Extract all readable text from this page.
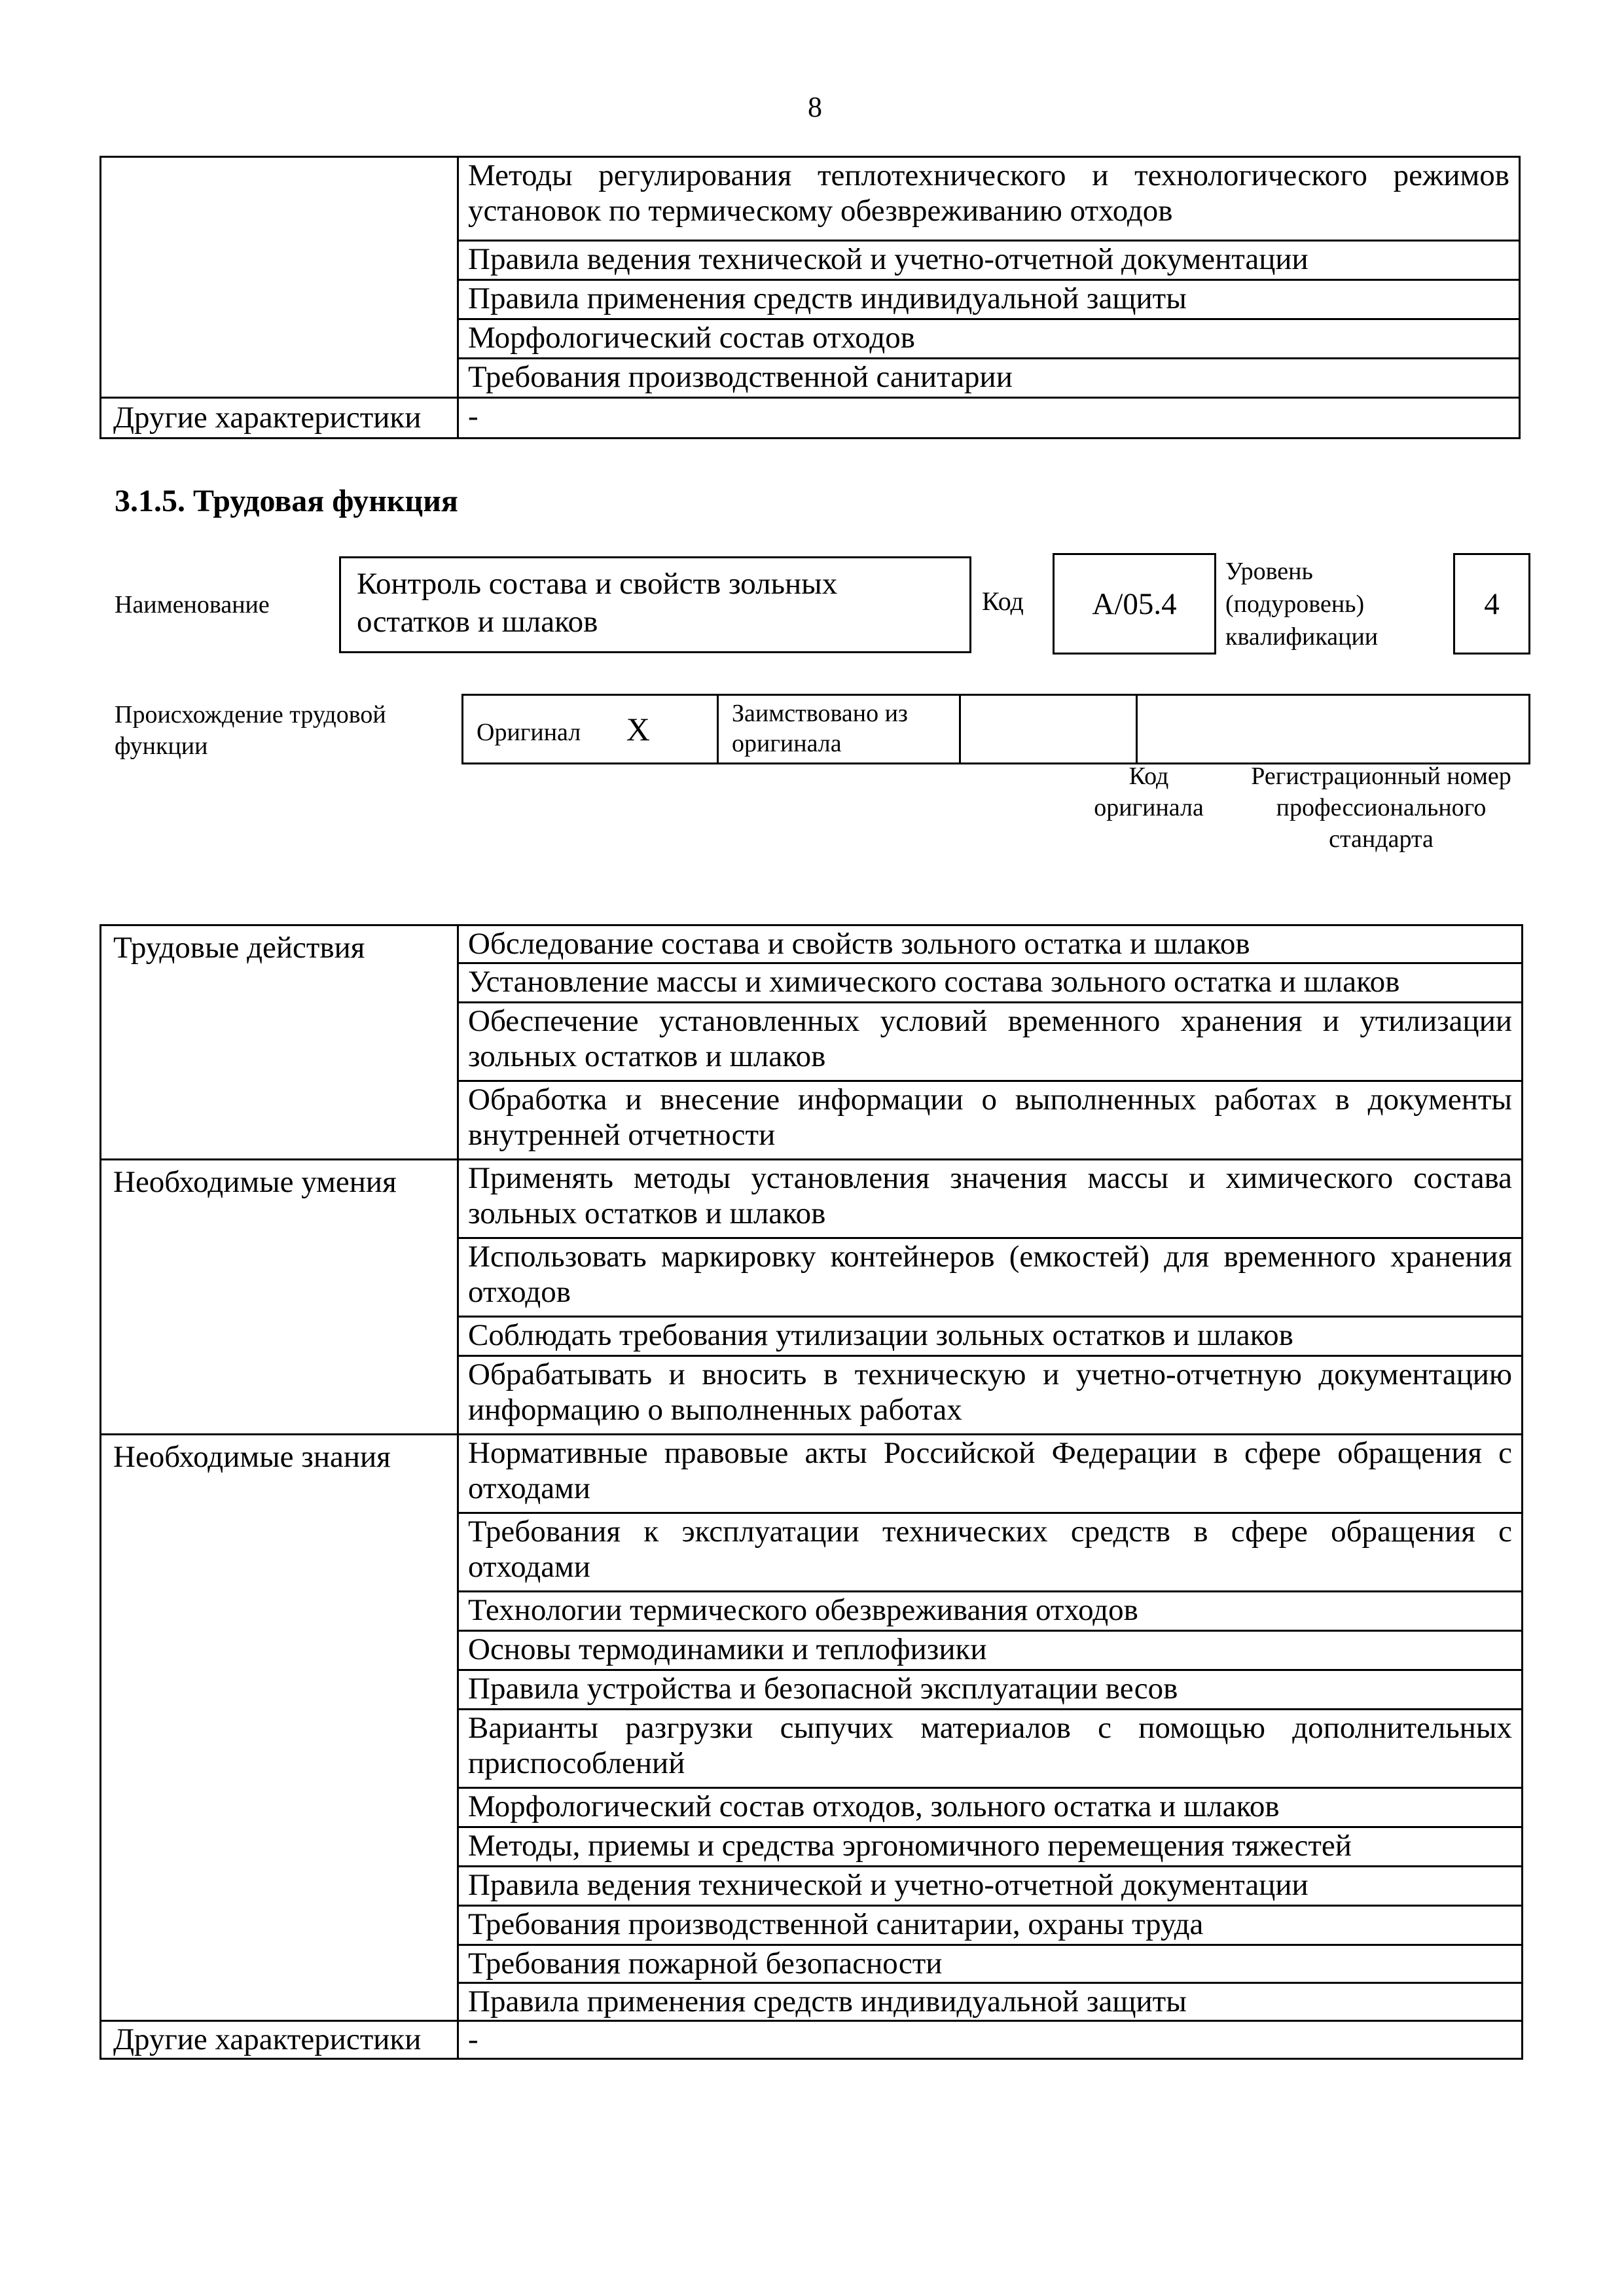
8
	Методы регулирования теплотехнического и технологического режимов установок по термическому обезвреживанию отходов
	Правила ведения технической и учетно-отчетной документации
	Правила применения средств индивидуальной защиты
	Морфологический состав отходов
	Требования производственной санитарии
Другие характеристики	-
3.1.5. Трудовая функция
Наименование
Контроль состава и свойств зольных остатков и шлаков
Код А/05.4
Уровень (подуровень) квалификации
4
Происхождение трудовой функции	Оригинал X	Заимствовано из оригинала		
Код оригинала
Регистрационный номер профессионального стандарта
Трудовые действия	Обследование состава и свойств зольного остатка и шлаков
	Установление массы и химического состава зольного остатка и шлаков
	Обеспечение установленных условий временного хранения и утилизации зольных остатков и шлаков
	Обработка и внесение информации о выполненных работах в документы внутренней отчетности
Необходимые умения	Применять методы установления значения массы и химического состава зольных остатков и шлаков
	Использовать маркировку контейнеров (емкостей) для временного хранения отходов
	Соблюдать требования утилизации зольных остатков и шлаков
	Обрабатывать и вносить в техническую и учетно-отчетную документацию информацию о выполненных работах
Необходимые знания	Нормативные правовые акты Российской Федерации в сфере обращения с отходами
	Требования к эксплуатации технических средств в сфере обращения с отходами
	Технологии термического обезвреживания отходов
	Основы термодинамики и теплофизики
	Правила устройства и безопасной эксплуатации весов
	Варианты разгрузки сыпучих материалов с помощью дополнительных приспособлений
	Морфологический состав отходов, зольного остатка и шлаков
	Методы, приемы и средства эргономичного перемещения тяжестей
	Правила ведения технической и учетно-отчетной документации
	Требования производственной санитарии, охраны труда
	Требования пожарной безопасности
	Правила применения средств индивидуальной защиты
Другие характеристики	-
